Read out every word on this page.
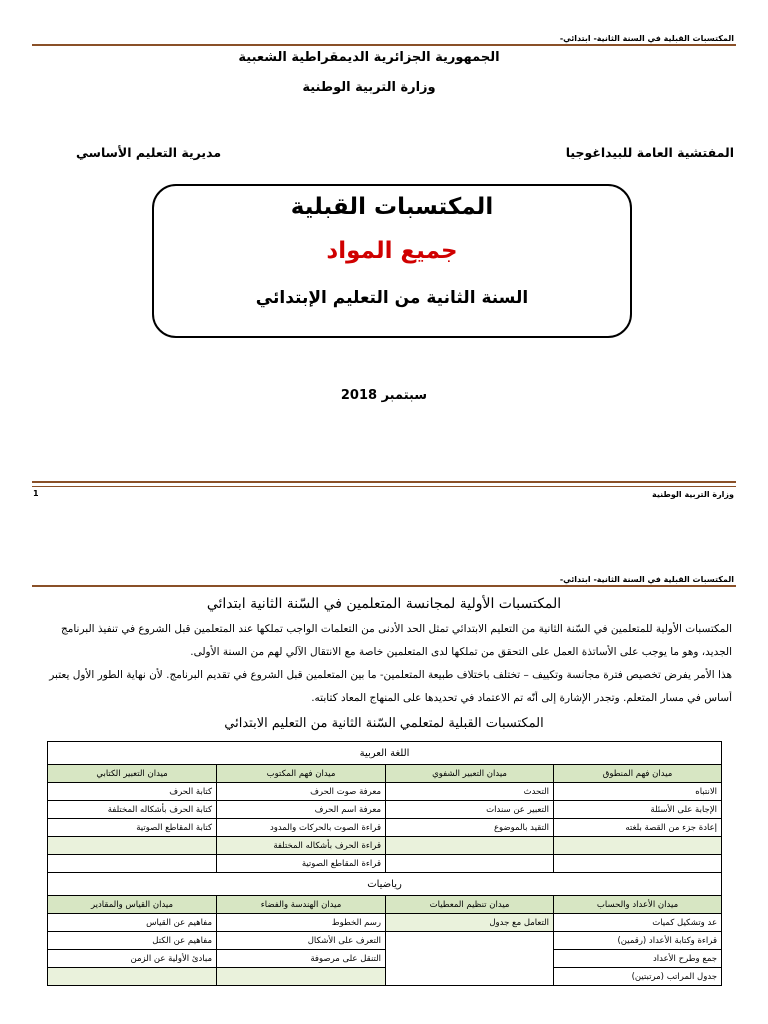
المكتسبات القبلية في السنة الثانية- ابتدائي-
الجمهورية الجزائرية الديمقراطية الشعبية
وزارة التربية الوطنية
المفتشية العامة للبيداغوجيا
مديرية التعليم الأساسي
المكتسبات القبلية
جميع المواد
السنة الثانية من التعليم الإبتدائي
سبتمبر 2018
وزارة التربية الوطنية
1
المكتسبات القبلية في السنة الثانية- ابتدائي-
المكتسبات الأولية لمجانسة المتعلمين في السّنة الثانية ابتدائي
المكتسبات الأولية للمتعلمين في السّنة الثانية من التعليم الابتدائي تمثل الحد الأدنى من التعلمات الواجب تملكها عند المتعلمين قبل الشروع في تنفيذ البرنامج
الجديد، وهو ما يوجب على الأساتذة العمل على التحقق من تملكها لدى المتعلمين خاصة مع الانتقال الآلي لهم من السنة الأولى.
هذا الأمر يفرض تخصيص فترة مجانسة وتكييف – تختلف باختلاف طبيعة المتعلمين- ما بين المتعلمين قبل الشروع في تقديم البرنامج. لأن نهاية الطور الأول يعتبر
أساس في مسار المتعلم. وتجدر الإشارة إلى أنّه تم الاعتماد في تحديدها على المنهاج المعاد كتابته.
المكتسبات القبلية لمتعلمي السّنة الثانية من التعليم الابتدائي
اللغة العربية			
ميدان فهم المنطوق	ميدان التعبير الشفوي	ميدان فهم المكتوب	ميدان التعبير الكتابي
الانتباه	التحدث	معرفة صوت الحرف	كتابة الحرف
الإجابة على الأسئلة	التعبير عن سندات	معرفة اسم الحرف	كتابة الحرف بأشكاله المختلفة
إعادة جزء من القصة بلغته	التقيد بالموضوع	قراءة الصوت بالحركات والمدود	كتابة المقاطع الصوتية
		قراءة الحرف بأشكاله المختلفة	
		قراءة المقاطع الصوتية	
رياضيات			
ميدان الأعداد والحساب	ميدان تنظيم المعطيات	ميدان الهندسة والفضاء	ميدان القياس والمقادير
عد وتشكيل كميات	التعامل مع جدول	رسم الخطوط	مفاهيم عن القياس
قراءة وكتابة الأعداد (رقمين)		التعرف على الأشكال	مفاهيم عن الكتل
جمع وطرح الأعداد		التنقل على مرصوفة	مبادئ الأولية عن الزمن
جدول المراتب (مرتبتين)			
